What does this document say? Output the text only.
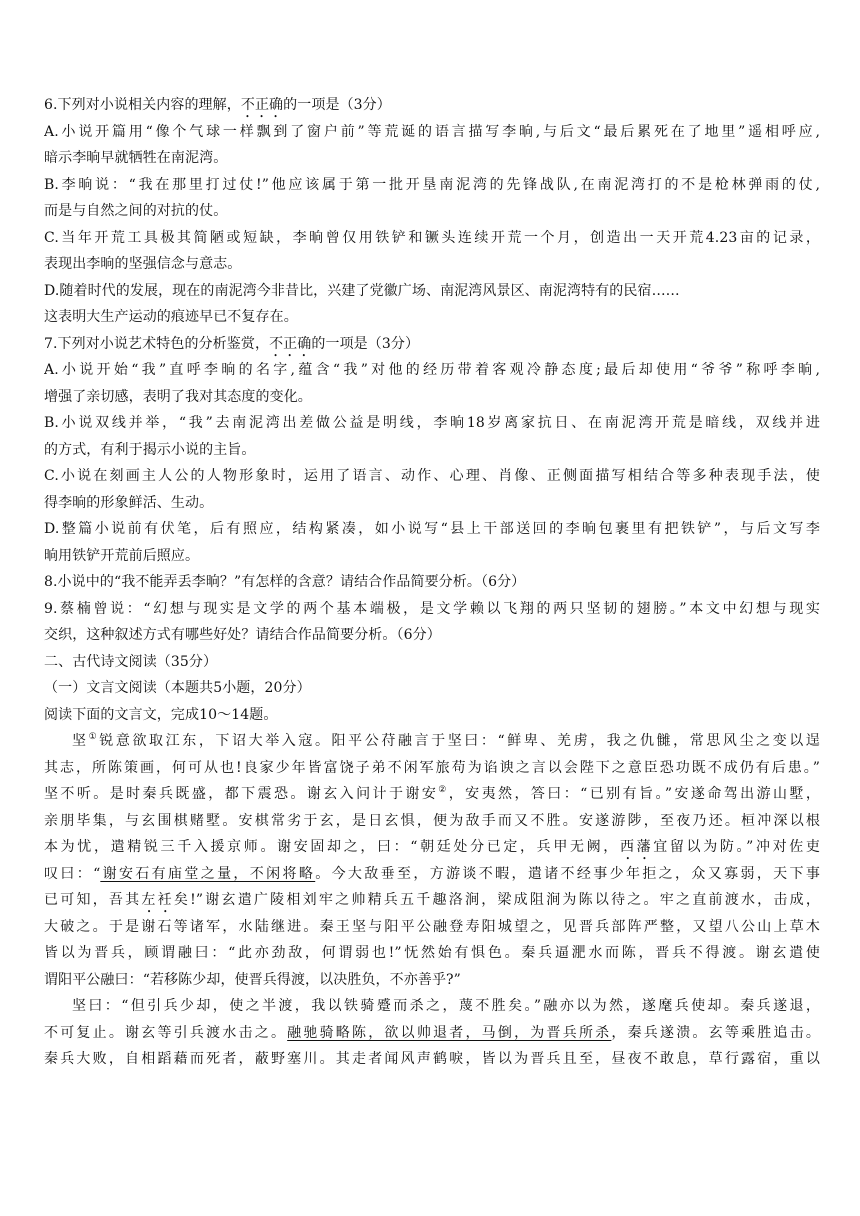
6.下列对小说相关内容的理解，不正确的一项是（3分）
A.小说开篇用“像个气球一样飘到了窗户前”等荒诞的语言描写李晌,与后文“最后累死在了地里”遥相呼应,
暗示李晌早就牺牲在南泥湾。
B.李晌说：“我在那里打过仗!”他应该属于第一批开垦南泥湾的先锋战队,在南泥湾打的不是枪林弹雨的仗,
而是与自然之间的对抗的仗。
C.当年开荒工具极其简陋或短缺，李晌曾仅用铁铲和镢头连续开荒一个月，创造出一天开荒4.23亩的记录，
表现出李晌的坚强信念与意志。
D.随着时代的发展，现在的南泥湾今非昔比，兴建了党徽广场、南泥湾风景区、南泥湾特有的民宿……
这表明大生产运动的痕迹早已不复存在。
7.下列对小说艺术特色的分析鉴赏，不正确的一项是（3分）
A.小说开始“我”直呼李晌的名字,蕴含“我”对他的经历带着客观冷静态度;最后却使用“爷爷”称呼李晌,
增强了亲切感，表明了我对其态度的变化。
B.小说双线并举，“我”去南泥湾出差做公益是明线，李晌18岁离家抗日、在南泥湾开荒是暗线，双线并进
的方式，有利于揭示小说的主旨。
C.小说在刻画主人公的人物形象时，运用了语言、动作、心理、肖像、正侧面描写相结合等多种表现手法，使
得李晌的形象鲜活、生动。
D.整篇小说前有伏笔，后有照应，结构紧凑，如小说写“县上干部送回的李晌包裹里有把铁铲”，与后文写李
晌用铁铲开荒前后照应。
8.小说中的“我不能弄丢李晌？”有怎样的含意？请结合作品简要分析。（6分）
9.蔡楠曾说：“幻想与现实是文学的两个基本端极，是文学赖以飞翔的两只坚韧的翅膀。”本文中幻想与现实
交织，这种叙述方式有哪些好处？请结合作品简要分析。（6分）
二、古代诗文阅读（35分）
（一）文言文阅读（本题共5小题，20分）
阅读下面的文言文，完成10～14题。
坚①锐意欲取江东，下诏大举入寇。阳平公苻融言于坚曰：“鲜卑、羌虏，我之仇雠，常思风尘之变以逞
其志，所陈策画，何可从也!良家少年皆富饶子弟不闲军旅苟为谄谀之言以会陛下之意臣恐功既不成仍有后患。”
坚不听。是时秦兵既盛，都下震恐。谢玄入问计于谢安②，安夷然，答曰：“已别有旨。”安遂命驾出游山墅，
亲朋毕集，与玄围棋赌墅。安棋常劣于玄，是日玄惧，便为敌手而又不胜。安遂游陟，至夜乃还。桓冲深以根
本为忧，遣精锐三千入援京师。谢安固却之，曰：“朝廷处分已定，兵甲无阙，西藩宜留以为防。”冲对佐吏
叹曰：“谢安石有庙堂之量，不闲将略。今大敌垂至，方游谈不暇，遣诸不经事少年拒之，众又寡弱，天下事
已可知，吾其左衽矣!”谢玄遣广陵相刘牢之帅精兵五千趣洛涧，梁成阻涧为陈以待之。牢之直前渡水，击成，
大破之。于是谢石等诸军，水陆继进。秦王坚与阳平公融登寿阳城望之，见晋兵部阵严整，又望八公山上草木
皆以为晋兵，顾谓融曰：“此亦劲敌，何谓弱也!”怃然始有惧色。秦兵逼淝水而陈，晋兵不得渡。谢玄遣使
谓阳平公融曰：“若移陈少却，使晋兵得渡，以决胜负，不亦善乎?”
坚曰：“但引兵少却，使之半渡，我以铁骑蹙而杀之，蔑不胜矣。”融亦以为然，遂麾兵使却。秦兵遂退，
不可复止。谢玄等引兵渡水击之。融驰骑略陈，欲以帅退者，马倒，为晋兵所杀，秦兵遂溃。玄等乘胜追击。
秦兵大败，自相蹈藉而死者，蔽野塞川。其走者闻风声鹤唳，皆以为晋兵且至，昼夜不敢息，草行露宿，重以
